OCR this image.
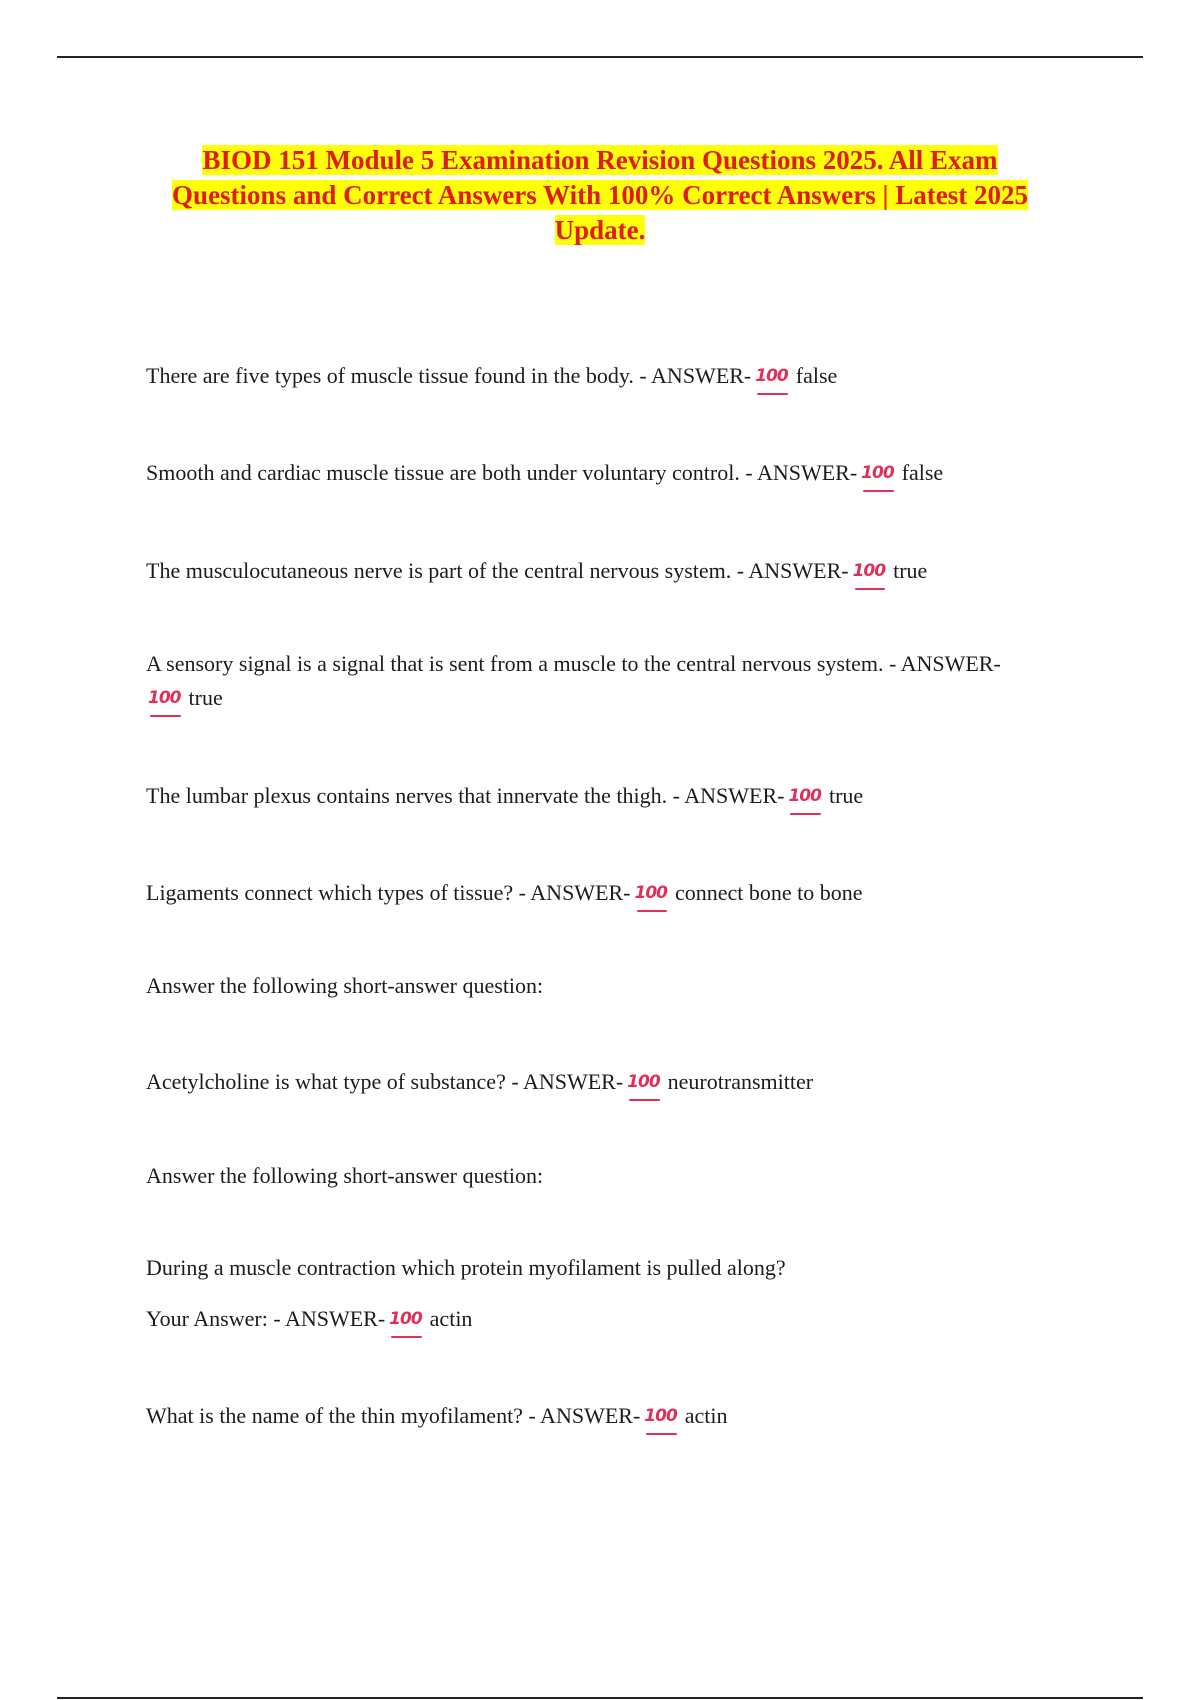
BIOD 151 Module 5 Examination Revision Questions 2025. All Exam
Questions and Correct Answers With 100% Correct Answers | Latest 2025
Update.
There are five types of muscle tissue found in the body. - ANSWER- 100 false
Smooth and cardiac muscle tissue are both under voluntary control. - ANSWER- 100 false
The musculocutaneous nerve is part of the central nervous system. - ANSWER- 100 true
A sensory signal is a signal that is sent from a muscle to the central nervous system. - ANSWER-
100 true
The lumbar plexus contains nerves that innervate the thigh. - ANSWER- 100 true
Ligaments connect which types of tissue? - ANSWER- 100 connect bone to bone
Answer the following short-answer question:
Acetylcholine is what type of substance? - ANSWER- 100 neurotransmitter
Answer the following short-answer question:
During a muscle contraction which protein myofilament is pulled along?
Your Answer: - ANSWER- 100 actin
What is the name of the thin myofilament? - ANSWER- 100 actin
